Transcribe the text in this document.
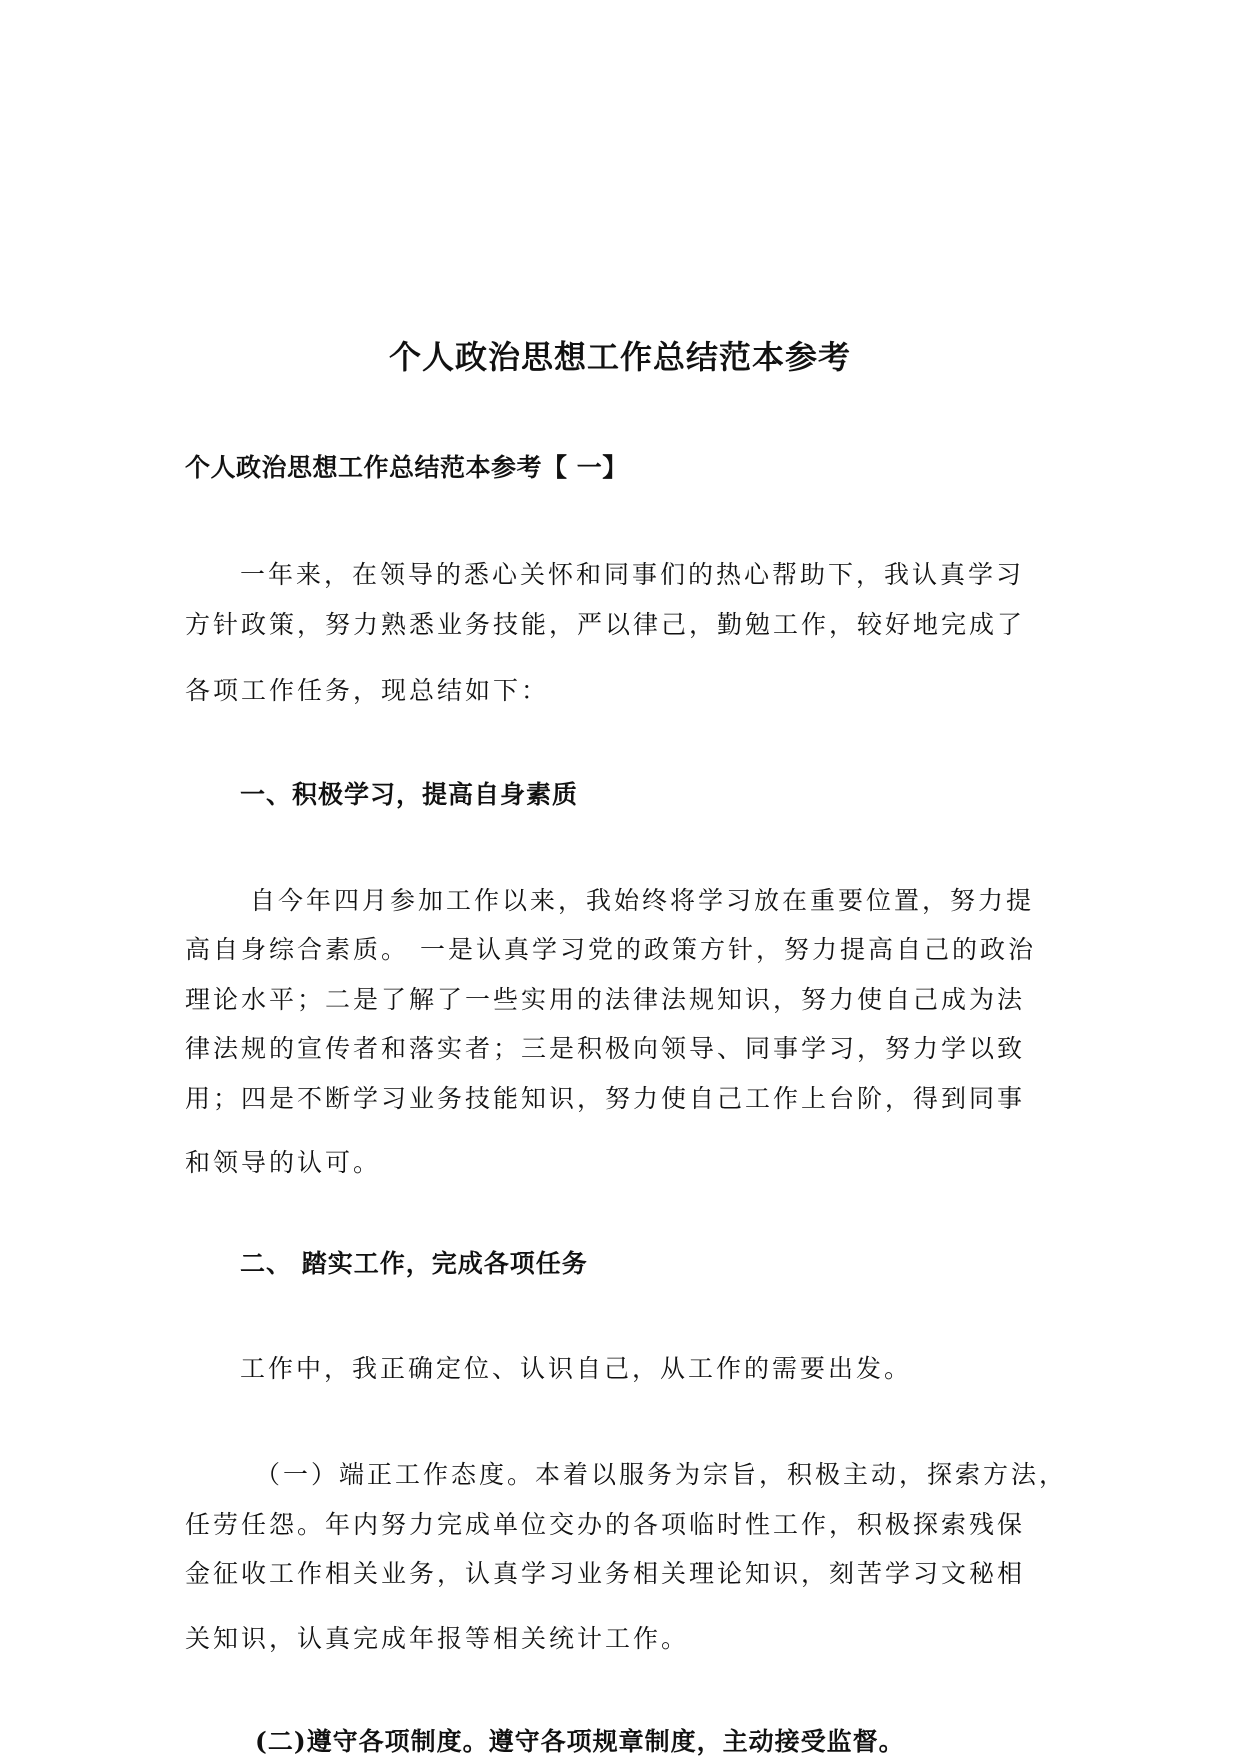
个人政治思想工作总结范本参考
个人政治思想工作总结范本参考【 一】

一年来，在领导的悉心关怀和同事们的热心帮助下，我认真学习

方针政策，努力熟悉业务技能，严以律己，勤勉工作，较好地完成了

各项工作任务，现总结如下：

一、积极学习，提高自身素质

自今年四月参加工作以来，我始终将学习放在重要位置，努力提

高自身综合素质。 一是认真学习党的政策方针，努力提高自己的政治

理论水平；二是了解了一些实用的法律法规知识，努力使自己成为法

律法规的宣传者和落实者；三是积极向领导、同事学习，努力学以致

用；四是不断学习业务技能知识，努力使自己工作上台阶，得到同事

和领导的认可。

二、 踏实工作，完成各项任务

工作中，我正确定位、认识自己，从工作的需要出发。

（一）端正工作态度。本着以服务为宗旨，积极主动，探索方法，

任劳任怨。年内努力完成单位交办的各项临时性工作，积极探索残保

金征收工作相关业务，认真学习业务相关理论知识，刻苦学习文秘相

关知识，认真完成年报等相关统计工作。

(二)遵守各项制度。遵守各项规章制度，主动接受监督。
